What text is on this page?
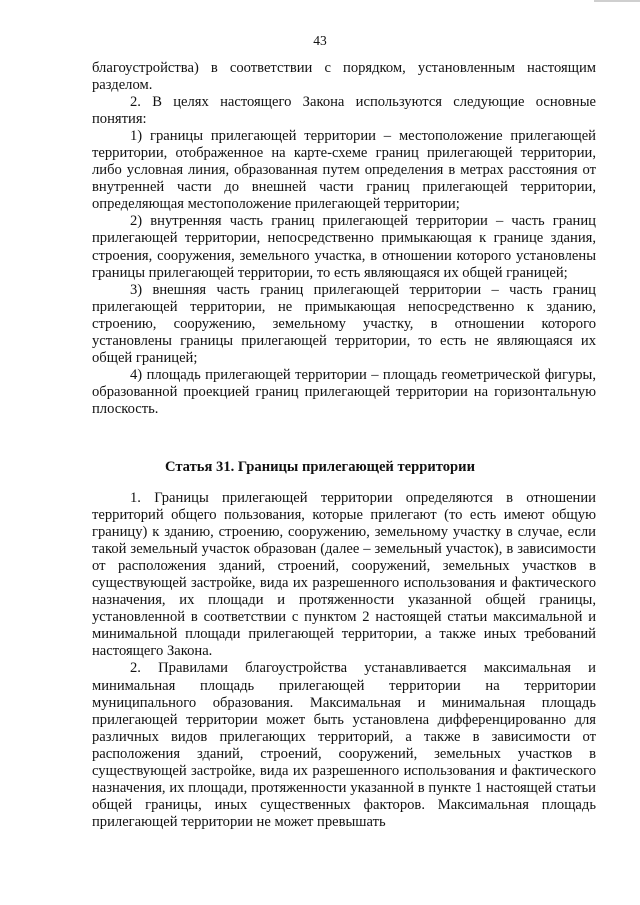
43

благоустройства) в соответствии с порядком, установленным настоящим разделом.

2. В целях настоящего Закона используются следующие основные понятия:

1) границы прилегающей территории – местоположение прилегающей территории, отображенное на карте-схеме границ прилегающей территории, либо условная линия, образованная путем определения в метрах расстояния от внутренней части до внешней части границ прилегающей территории, определяющая местоположение прилегающей территории;

2) внутренняя часть границ прилегающей территории – часть границ прилегающей территории, непосредственно примыкающая к границе здания, строения, сооружения, земельного участка, в отношении которого установлены границы прилегающей территории, то есть являющаяся их общей границей;

3) внешняя часть границ прилегающей территории – часть границ прилегающей территории, не примыкающая непосредственно к зданию, строению, сооружению, земельному участку, в отношении которого установлены границы прилегающей территории, то есть не являющаяся их общей границей;

4) площадь прилегающей территории – площадь геометрической фигуры, образованной проекцией границ прилегающей территории на горизонтальную плоскость.

Статья 31. Границы прилегающей территории

1. Границы прилегающей территории определяются в отношении территорий общего пользования, которые прилегают (то есть имеют общую границу) к зданию, строению, сооружению, земельному участку в случае, если такой земельный участок образован (далее – земельный участок), в зависимости от расположения зданий, строений, сооружений, земельных участков в существующей застройке, вида их разрешенного использования и фактического назначения, их площади и протяженности указанной общей границы, установленной в соответствии с пунктом 2 настоящей статьи максимальной и минимальной площади прилегающей территории, а также иных требований настоящего Закона.

2. Правилами благоустройства устанавливается максимальная и минимальная площадь прилегающей территории на территории муниципального образования. Максимальная и минимальная площадь прилегающей территории может быть установлена дифференцированно для различных видов прилегающих территорий, а также в зависимости от расположения зданий, строений, сооружений, земельных участков в существующей застройке, вида их разрешенного использования и фактического назначения, их площади, протяженности указанной в пункте 1 настоящей статьи общей границы, иных существенных факторов. Максимальная площадь прилегающей территории не может превышать
